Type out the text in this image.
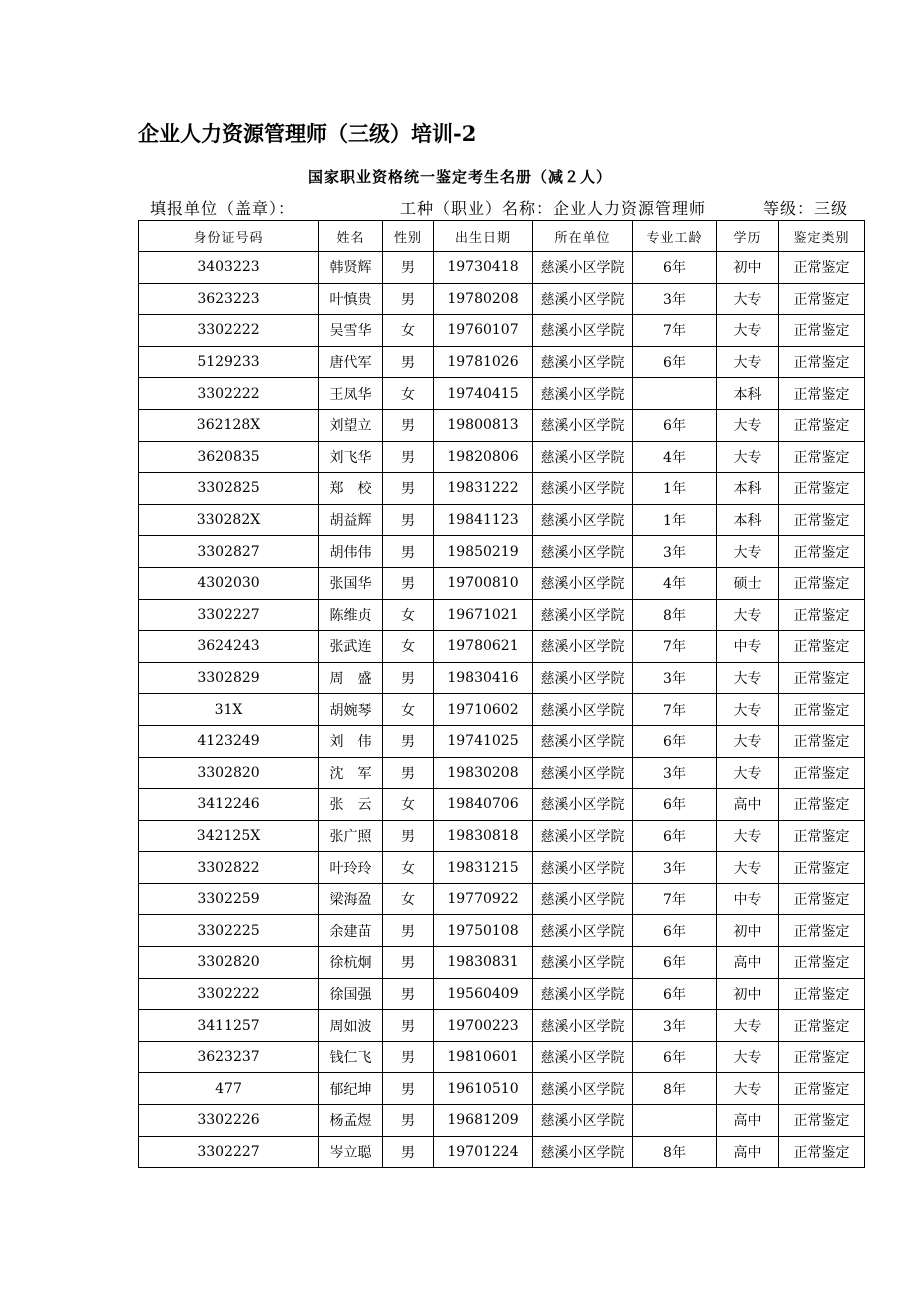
企业人力资源管理师（三级）培训-2
国家职业资格统一鉴定考生名册（减２人）
填报单位（盖章）：	工种（职业）名称：企业人力资源管理师	等级：三级
身份证号码	姓名	性别	出生日期	所在单位	专业工龄	学历	鉴定类别
3403223	韩贤辉	男	19730418	慈溪小区学院	6年	初中	正常鉴定
3623223	叶慎贵	男	19780208	慈溪小区学院	3年	大专	正常鉴定
3302222	吴雪华	女	19760107	慈溪小区学院	7年	大专	正常鉴定
5129233	唐代军	男	19781026	慈溪小区学院	6年	大专	正常鉴定
3302222	王凤华	女	19740415	慈溪小区学院		本科	正常鉴定
362128X	刘望立	男	19800813	慈溪小区学院	6年	大专	正常鉴定
3620835	刘飞华	男	19820806	慈溪小区学院	4年	大专	正常鉴定
3302825	郑　校	男	19831222	慈溪小区学院	1年	本科	正常鉴定
330282X	胡益辉	男	19841123	慈溪小区学院	1年	本科	正常鉴定
3302827	胡伟伟	男	19850219	慈溪小区学院	3年	大专	正常鉴定
4302030	张国华	男	19700810	慈溪小区学院	4年	硕士	正常鉴定
3302227	陈维贞	女	19671021	慈溪小区学院	8年	大专	正常鉴定
3624243	张武连	女	19780621	慈溪小区学院	7年	中专	正常鉴定
3302829	周　盛	男	19830416	慈溪小区学院	3年	大专	正常鉴定
31X	胡婉琴	女	19710602	慈溪小区学院	7年	大专	正常鉴定
4123249	刘　伟	男	19741025	慈溪小区学院	6年	大专	正常鉴定
3302820	沈　军	男	19830208	慈溪小区学院	3年	大专	正常鉴定
3412246	张　云	女	19840706	慈溪小区学院	6年	高中	正常鉴定
342125X	张广照	男	19830818	慈溪小区学院	6年	大专	正常鉴定
3302822	叶玲玲	女	19831215	慈溪小区学院	3年	大专	正常鉴定
3302259	梁海盈	女	19770922	慈溪小区学院	7年	中专	正常鉴定
3302225	余建苗	男	19750108	慈溪小区学院	6年	初中	正常鉴定
3302820	徐杭炯	男	19830831	慈溪小区学院	6年	高中	正常鉴定
3302222	徐国强	男	19560409	慈溪小区学院	6年	初中	正常鉴定
3411257	周如波	男	19700223	慈溪小区学院	3年	大专	正常鉴定
3623237	钱仁飞	男	19810601	慈溪小区学院	6年	大专	正常鉴定
477	郁纪坤	男	19610510	慈溪小区学院	8年	大专	正常鉴定
3302226	杨孟煜	男	19681209	慈溪小区学院		高中	正常鉴定
3302227	岑立聪	男	19701224	慈溪小区学院	8年	高中	正常鉴定
